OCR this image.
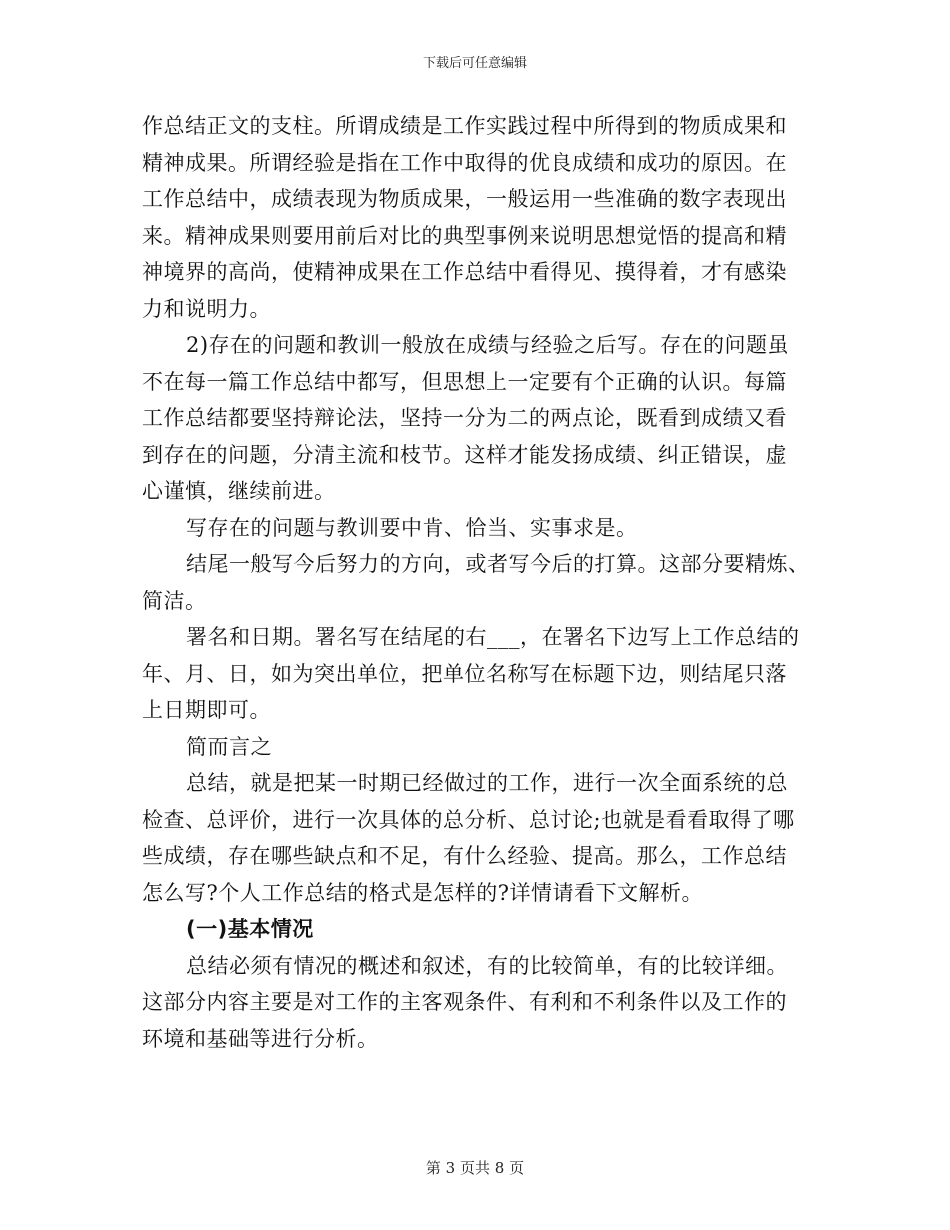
下载后可任意编辑
作总结正文的支柱。所谓成绩是工作实践过程中所得到的物质成果和
精神成果。所谓经验是指在工作中取得的优良成绩和成功的原因。在
工作总结中，成绩表现为物质成果，一般运用一些准确的数字表现出
来。精神成果则要用前后对比的典型事例来说明思想觉悟的提高和精
神境界的高尚，使精神成果在工作总结中看得见、摸得着，才有感染
力和说明力。
2)存在的问题和教训一般放在成绩与经验之后写。存在的问题虽
不在每一篇工作总结中都写，但思想上一定要有个正确的认识。每篇
工作总结都要坚持辩论法，坚持一分为二的两点论，既看到成绩又看
到存在的问题，分清主流和枝节。这样才能发扬成绩、纠正错误，虚
心谨慎，继续前进。
写存在的问题与教训要中肯、恰当、实事求是。
结尾一般写今后努力的方向，或者写今后的打算。这部分要精炼、
简洁。
署名和日期。署名写在结尾的右___，在署名下边写上工作总结的
年、月、日，如为突出单位，把单位名称写在标题下边，则结尾只落
上日期即可。
简而言之
总结，就是把某一时期已经做过的工作，进行一次全面系统的总
检查、总评价，进行一次具体的总分析、总讨论;也就是看看取得了哪
些成绩，存在哪些缺点和不足，有什么经验、提高。那么，工作总结
怎么写?个人工作总结的格式是怎样的?详情请看下文解析。
(一)基本情况
总结必须有情况的概述和叙述，有的比较简单，有的比较详细。
这部分内容主要是对工作的主客观条件、有利和不利条件以及工作的
环境和基础等进行分析。
第 3 页共 8 页
